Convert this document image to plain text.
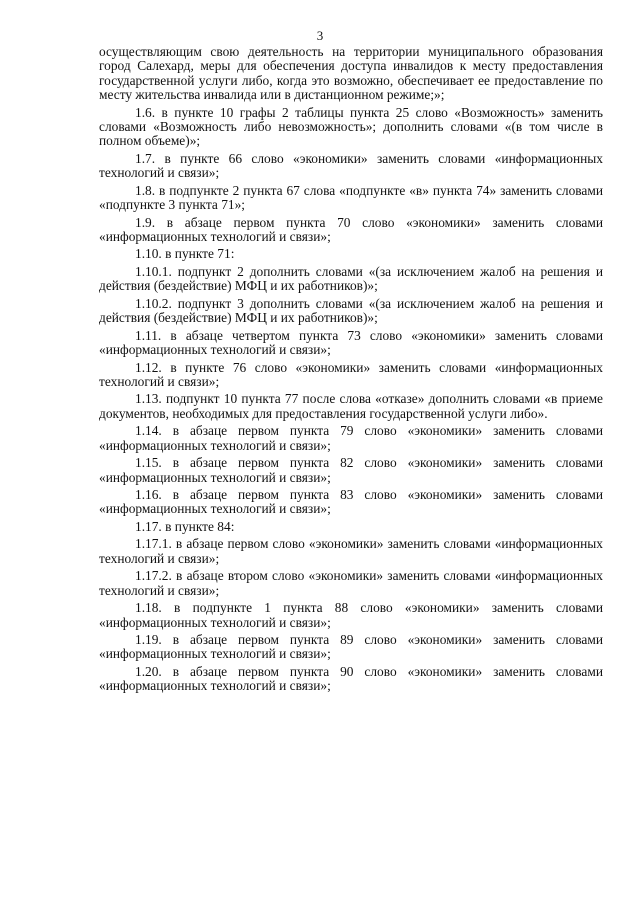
3

осуществляющим свою деятельность на территории муниципального образования город Салехард, меры для обеспечения доступа инвалидов к месту предоставления государственной услуги либо, когда это возможно, обеспечивает ее предоставление по месту жительства инвалида или в дистанционном режиме;»;

1.6. в пункте 10 графы 2 таблицы пункта 25 слово «Возможность» заменить словами «Возможность либо невозможность»; дополнить словами «(в том числе в полном объеме)»;

1.7. в пункте 66 слово «экономики» заменить словами «информационных технологий и связи»;

1.8. в подпункте 2 пункта 67 слова «подпункте «в» пункта 74» заменить словами «подпункте 3 пункта 71»;

1.9. в абзаце первом пункта 70 слово «экономики» заменить словами «информационных технологий и связи»;

1.10. в пункте 71:

1.10.1. подпункт 2 дополнить словами «(за исключением жалоб на решения и действия (бездействие) МФЦ и их работников)»;

1.10.2. подпункт 3 дополнить словами «(за исключением жалоб на решения и действия (бездействие) МФЦ и их работников)»;

1.11. в абзаце четвертом пункта 73 слово «экономики» заменить словами «информационных технологий и связи»;

1.12. в пункте 76 слово «экономики» заменить словами «информационных технологий и связи»;

1.13. подпункт 10 пункта 77 после слова «отказе» дополнить словами «в приеме документов, необходимых для предоставления государственной услуги либо».

1.14. в абзаце первом пункта 79 слово «экономики» заменить словами «информационных технологий и связи»;

1.15. в абзаце первом пункта 82 слово «экономики» заменить словами «информационных технологий и связи»;

1.16. в абзаце первом пункта 83 слово «экономики» заменить словами «информационных технологий и связи»;

1.17. в пункте 84:

1.17.1. в абзаце первом слово «экономики» заменить словами «информационных технологий и связи»;

1.17.2. в абзаце втором слово «экономики» заменить словами «информационных технологий и связи»;

1.18. в подпункте 1 пункта 88 слово «экономики» заменить словами «информационных технологий и связи»;

1.19. в абзаце первом пункта 89 слово «экономики» заменить словами «информационных технологий и связи»;

1.20. в абзаце первом пункта 90 слово «экономики» заменить словами «информационных технологий и связи»;
